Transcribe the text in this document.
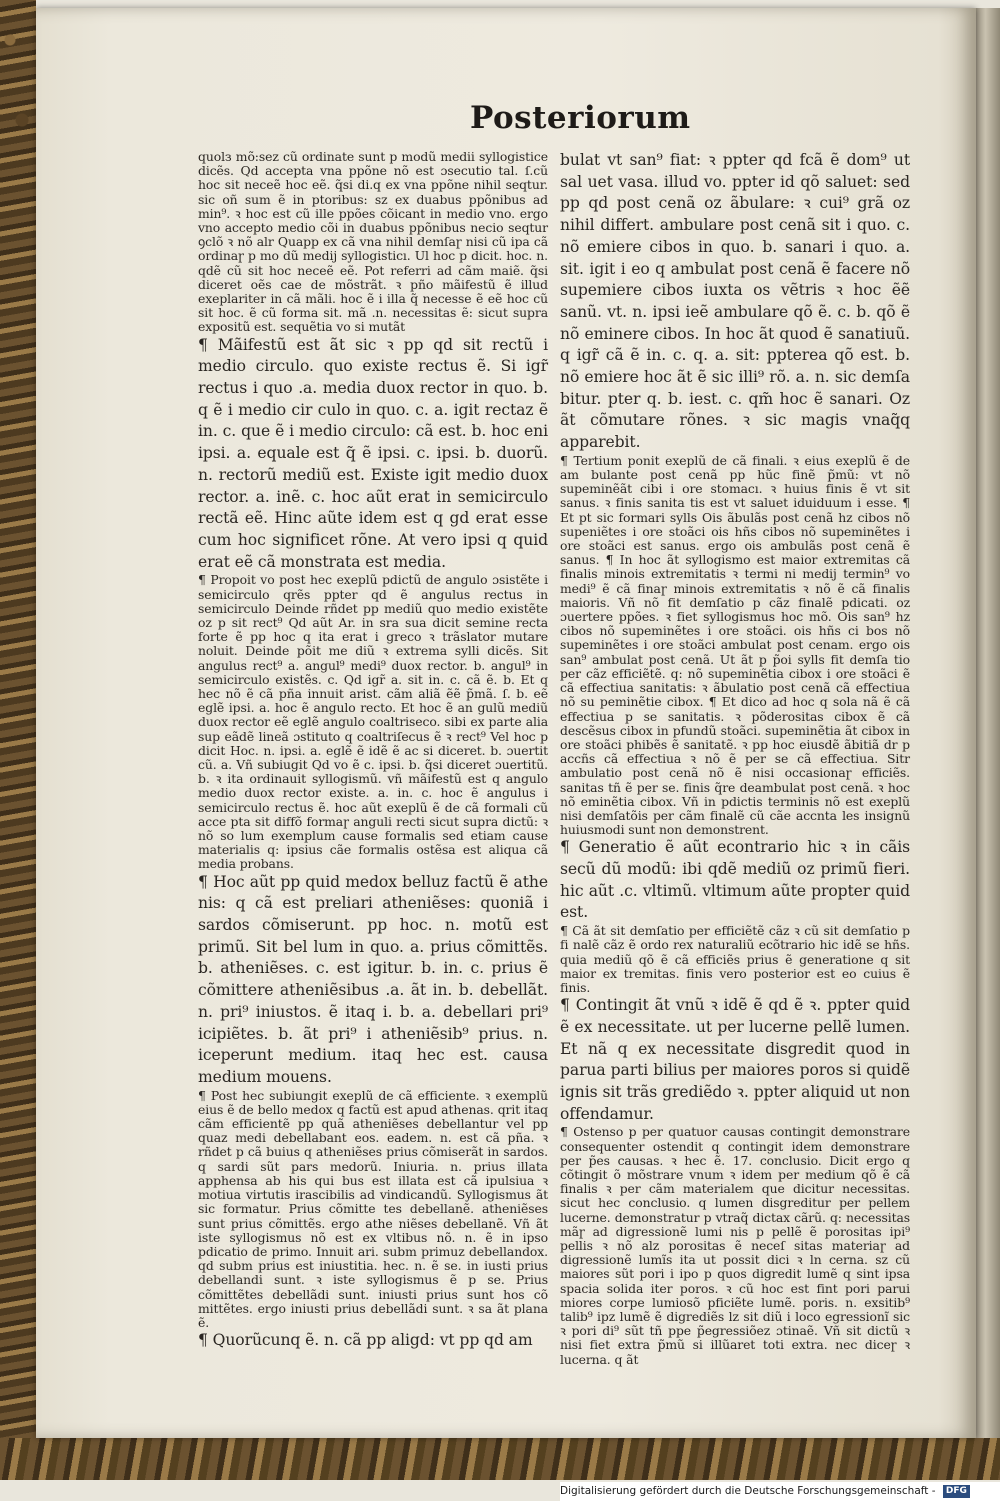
Posteriorum

quolз mõ:sez cũ ordinate sunt p modũ medii syllogistice dicẽs. Qd accepta vna ppõne nõ est ɔsecutio tal. ſ.cũ hoc sit neceẽ hoc eẽ. q̃si di.q ex vna ppõne nihil seqtur. sic oñ sum ẽ in ptoribus: sz ex duabus ppõnibus ad min⁹. ꝛ hoc est cũ ille ppões cõicant in medio vno. ergo vno accepto medio cõi in duabus ppõnibus necio seqtur ꝯclõ ꝛ nõ alr Quapp ex cã vna nihil demſaɼ nisi cũ ipa cã ordinaɼ p mo dũ medij syllogisticı. Ul hoc p dicit. hoc. n. qdẽ cũ sit hoc neceẽ eẽ. Pot referri ad cãm maiẽ. q̃si diceret oẽs cae de mõstrãt. ꝛ pño mãifestũ ẽ illud exeplariter in cã mãli. hoc ẽ i illa q̃ necesse ẽ eẽ hoc cũ sit hoc. ẽ cũ forma sit. mã .n. necessitas ẽ: sicut supra expositũ est. sequẽtia vo si mutãt

¶ Mãifestũ est ãt sic ꝛ pp qd sit rectũ i medio circulo. quo existe rectus ẽ. Si igr̃ rectus i quo .a. media duox rector in quo. b. q ẽ i medio cir culo in quo. c. a. igit rectaz ẽ in. c. que ẽ i medio circulo: cã est. b. hoc eni ipsi. a. equale est q̃ ẽ ipsi. c. ipsi. b. duorũ. n. rectorũ mediũ est. Existe igit medio duox rector. a. inẽ. c. hoc aũt erat in semicirculo rectã eẽ. Hinc aũte idem est q gd erat esse cum hoc significet rõne. At vero ipsi q quid erat eẽ cã monstrata est media.

¶ Propoit vo post hec exeplũ pdictũ de angulo ɔsistẽte i semicirculo qrẽs ppter qd ẽ angulus rectus in semicirculo Deinde rñdet pp mediũ quo medio existẽte oz p sit rect⁹ Qd aũt Ar. in sra sua dicit semine recta forte ẽ pp hoc q ita erat i greco ꝛ trãslator mutare noluit. Deinde põit me diũ ꝛ extrema sylli dicẽs. Sit angulus rect⁹ a. angul⁹ medi⁹ duox rector. b. angul⁹ in semicirculo existẽs. c. Qd igr̃ a. sit in. c. cã ẽ. b. Et q hec nõ ẽ cã pña innuit arist. cãm aliã ẽẽ p̃mã. ſ. b. eẽ eglẽ ipsi. a. hoc ẽ angulo recto. Et hoc ẽ an gulũ mediũ duox rector eẽ eglẽ angulo coaltriseco. sibi ex parte alia sup eãdẽ lineã ɔstituto q coaltriſecus ẽ ꝛ rect⁹ Vel hoc p dicit Hoc. n. ipsi. a. eglẽ ẽ idẽ ẽ ac si diceret. b. ɔuertit cũ. a. Vñ subiugit Qd vo ẽ c. ipsi. b. q̃si diceret ɔuertitũ. b. ꝛ ita ordinauit syllogismũ. vñ mãifestũ est q angulo medio duox rector existe. a. in. c. hoc ẽ angulus i semicirculo rectus ẽ. hoc aũt exeplũ ẽ de cã formali cũ acce pta sit diffõ formaɼ anguli recti sicut supra dictũ: ꝛ nõ so lum exemplum cause formalis sed etiam cause materialis q: ipsius cãe formalis ostẽsa est aliqua cã media probans.

¶ Hoc aũt pp quid medox belluz factũ ẽ athe nis: q cã est preliari atheniẽses: quoniã i sardos cõmiserunt. pp hoc. n. motũ est primũ. Sit bel lum in quo. a. prius cõmittẽs. b. atheniẽses. c. est igitur. b. in. c. prius ẽ cõmittere atheniẽsibus .a. ãt in. b. debellãt. n. pri⁹ iniustos. ẽ itaq i. b. a. debellari pri⁹ icipiẽtes. b. ãt pri⁹ i atheniẽsib⁹ prius. n. iceperunt medium. itaq hec est. causa medium mouens.

¶ Post hec subiungit exeplũ de cã efficiente. ꝛ exemplũ eius ẽ de bello medox q factũ est apud athenas. qrit itaq cãm efficientẽ pp quã atheniẽses debellantur vel pp quaz medi debellabant eos. eadem. n. est cã pña. ꝛ rñdet p cã buius q atheniẽses prius cõmiserãt in sardos. q sardi sũt pars medorũ. Iniuria. n. prius illata apphensa ab his qui bus est illata est cã ipulsiua ꝛ motiua virtutis irascibilis ad vindicandũ. Syllogismus ãt sic formatur. Prius cõmitte tes debellanẽ. atheniẽses sunt prius cõmittẽs. ergo athe niẽses debellanẽ. Vñ ãt iste syllogismus nõ est ex vltibus nõ. n. ẽ in ipso pdicatio de primo. Innuit ari. subm primuz debellandox. qd subm prius est iniustitia. hec. n. ẽ se. in iusti prius debellandi sunt. ꝛ iste syllogismus ẽ p se. Prius cõmittẽtes debellãdi sunt. iniusti prius sunt hos cõ mittẽtes. ergo iniusti prius debellãdi sunt. ꝛ sa ãt plana ẽ.

¶ Quorũcunq ẽ. n. cã pp aligd: vt pp qd am

bulat vt san⁹ fiat: ꝛ ppter qd fcã ẽ dom⁹ ut sal uet vasa. illud vo. ppter id qõ saluet: sed pp qd post cenã oz ãbulare: ꝛ cui⁹ grã oz nihil differt. ambulare post cenã sit i quo. c. nõ emiere cibos in quo. b. sanari i quo. a. sit. igit i eo q ambulat post cenã ẽ facere nõ supemiere cibos iuxta os vẽtris ꝛ hoc ẽẽ sanũ. vt. n. ipsi ieẽ ambulare qõ ẽ. c. b. qõ ẽ nõ eminere cibos. In hoc ãt quod ẽ sanatiuũ. q igr̃ cã ẽ in. c. q. a. sit: ppterea qõ est. b. nõ emiere hoc ãt ẽ sic illi⁹ rõ. a. n. sic demſa bitur. pter q. b. iest. c. qm̃ hoc ẽ sanari. Oz ãt cõmutare rõnes. ꝛ sic magis vnaq̃q apparebit.

¶ Tertium ponit exeplũ de cã finali. ꝛ eius exeplũ ẽ de am bulante post cenã pp hũc finẽ p̃mũ: vt nõ supeminẽãt cibi i ore stomacı. ꝛ huius finis ẽ vt sit sanus. ꝛ finis sanita tis est vt saluet iduiduum i esse. ¶ Et pt sic formari sylls Ois ãbulãs post cenã hz cibos nõ supeniẽtes i ore stoãci ois hñs cibos nõ supeminẽtes i ore stoãci est sanus. ergo ois ambulãs post cenã ẽ sanus. ¶ In hoc ãt syllogismo est maior extremitas cã finalis minois extremitatis ꝛ termi ni medij termin⁹ vo medi⁹ ẽ cã finaɼ minois extremitatis ꝛ nõ ẽ cã finalis maioris. Vñ nõ fit demſatio p cãz finalẽ pdicati. oz ɔuertere ppões. ꝛ fiet syllogismus hoc mõ. Ois san⁹ hz cibos nõ supeminẽtes i ore stoãci. ois hñs ci bos nõ supeminẽtes i ore stoãci ambulat post cenam. ergo ois san⁹ ambulat post cenã. Ut ãt p p̃oi sylls fit demſa tio per cãz efficiẽtẽ. q: nõ supeminẽtia cibox i ore stoãci ẽ cã effectiua sanitatis: ꝛ ãbulatio post cenã cã effectiua nõ su peminẽtie cibox. ¶ Et dico ad hoc q sola nã ẽ cã effectiua p se sanitatis. ꝛ põderositas cibox ẽ cã descẽsus cibox in pfundũ stoãci. supeminẽtia ãt cibox in ore stoãci phibẽs ẽ sanitatẽ. ꝛ pp hoc eiusdẽ ãbitiã dr p accñs cã effectiua ꝛ nõ ẽ per se cã effectiua. Sitr ambulatio post cenã nõ ẽ nisi occasionaɼ efficiẽs. sanitas tñ ẽ per se. finis q̃re deambulat post cenã. ꝛ hoc nõ eminẽtia cibox. Vñ in pdictis terminis nõ est exeplũ nisi demſatõis per cãm finalẽ cũ cãe accnta les insignũ huiusmodi sunt non demonstrent.

¶ Generatio ẽ aũt econtrario hic ꝛ in cãis secũ dũ modũ: ibi qdẽ mediũ oz primũ fieri. hic aũt .c. vltimũ. vltimum aũte propter quid est.

¶ Cã ãt sit demſatio per efficiẽtẽ cãz ꝛ cũ sit demſatio p fi nalẽ cãz ẽ ordo rex naturaliũ ecõtrario hic idẽ se hñs. quia mediũ qõ ẽ cã efficiẽs prius ẽ generatione q sit maior ex tremitas. finis vero posterior est eo cuius ẽ finis.

¶ Contingit ãt vnũ ꝛ idẽ ẽ qd ẽ ꝛ. ppter quid ẽ ex necessitate. ut per lucerne pellẽ lumen. Et nã q ex necessitate disgredit quod in parua parti bilius per maiores poros si quidẽ ignis sit trãs grediẽdo ꝛ. ppter aliquid ut non offendamur.

¶ Ostenso p per quatuor causas contingit demonstrare consequenter ostendit q contingit idem demonstrare per p̃es causas. ꝛ hec ẽ. 17. conclusio. Dicit ergo q cõtingit õ mõstrare vnum ꝛ idem per medium qõ ẽ cã finalis ꝛ per cãm materialem que dicitur necessitas. sicut hec conclusio. q lumen disgreditur per pellem lucerne. demonstratur p vtraq̃ dictax cãrũ. q: necessitas mãɼ ad digressionẽ lumi nis p pellẽ ẽ porositas ipi⁹ pellis ꝛ nõ alz porositas ẽ neceſ sitas materiaɼ ad digressionẽ lumĩs ita ut possit dici ꝛ ln cerna. sz cũ maiores sũt pori i ipo p quos digredit lumẽ q sint ipsa spacia solida iter poros. ꝛ cũ hoc est fint pori parui miores corpe lumiosõ pficiẽte lumẽ. poris. n. exsitib⁹ talib⁹ ipz lumẽ ẽ digrediẽs lz sit diũ i loco egressionĩ sic ꝛ pori di⁹ sũt tñ ppe p̃egressiõez ɔtinaẽ. Vñ sit dictũ ꝛ nisi fiet extra p̃mũ si illũaret toti extra. nec diceɼ ꝛ lucerna. q ãt

Digitalisierung gefördert durch die Deutsche Forschungsgemeinschaft - DFG
